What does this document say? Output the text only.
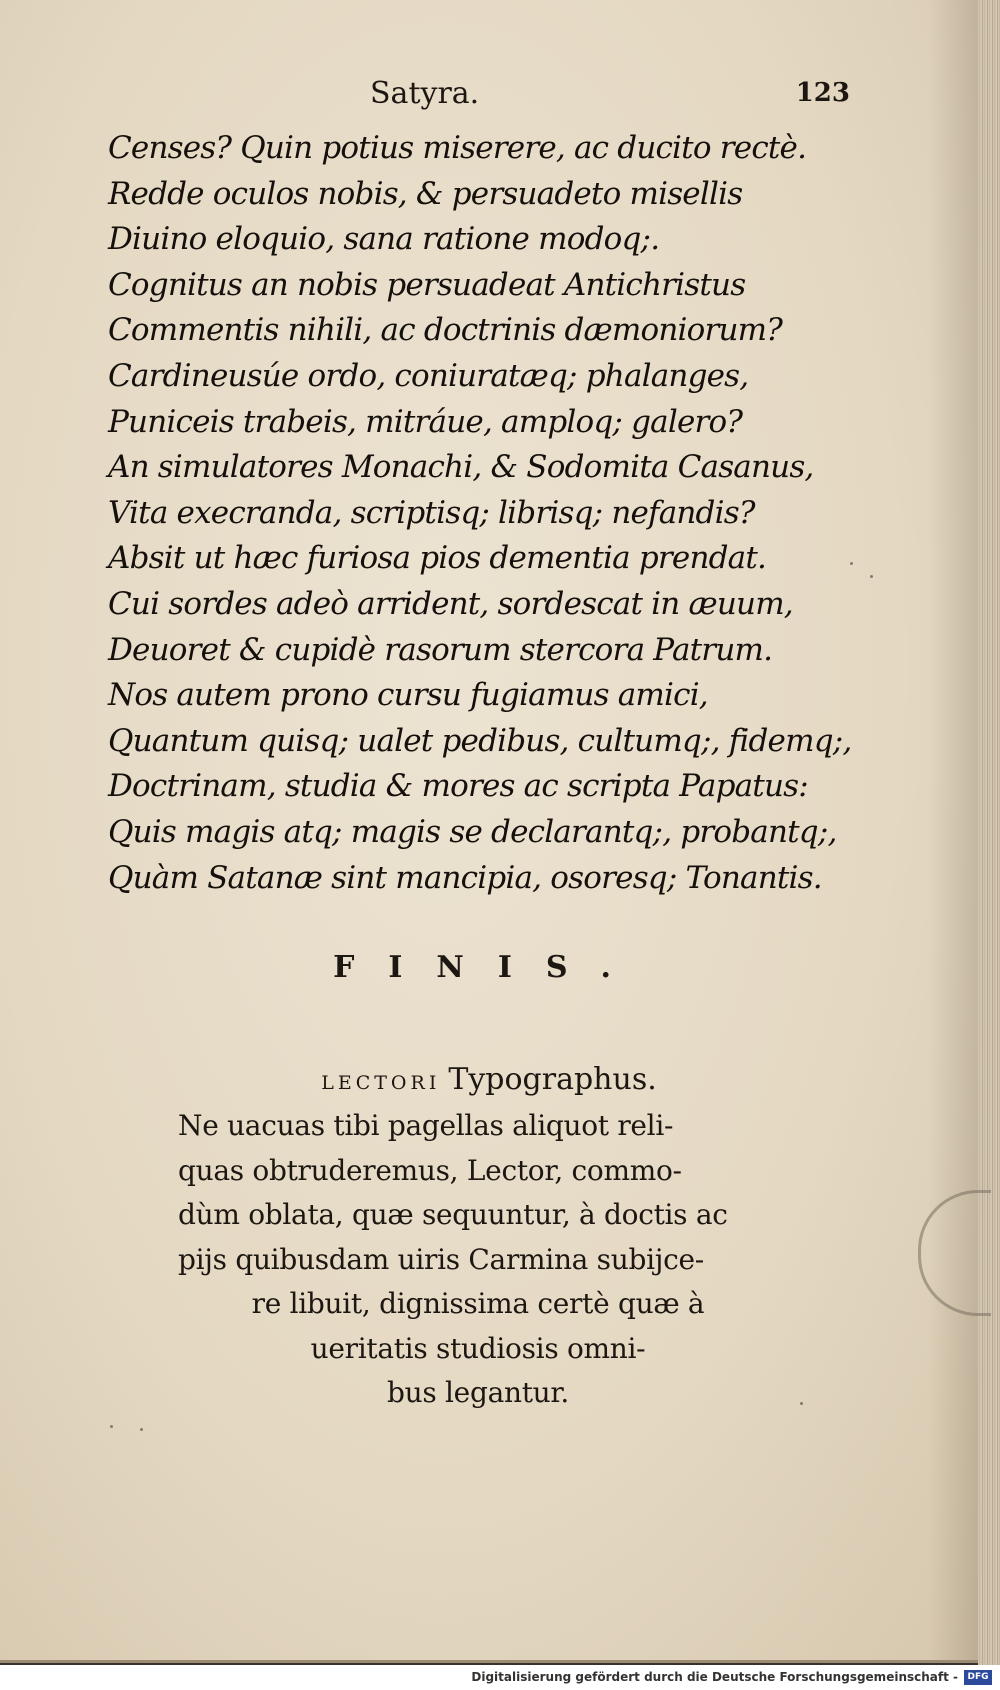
Satyra.	123
Censes? Quin potius miserere, ac ducito rectè.
Redde oculos nobis, & persuadeto misellis
Diuino eloquio, sana ratione modoq;.
Cognitus an nobis persuadeat Antichristus
Commentis nihili, ac doctrinis dæmoniorum?
Cardineusúe ordo, coniuratæq; phalanges,
Puniceis trabeis, mitráue, amploq; galero?
An simulatores Monachi, & Sodomita Casanus,
Vita execranda, scriptisq; librisq; nefandis?
Absit ut hæc furiosa pios dementia prendat.
Cui sordes adeò arrident, sordescat in æuum,
Deuoret & cupidè rasorum stercora Patrum.
Nos autem prono cursu fugiamus amici,
Quantum quisq; ualet pedibus, cultumq;, fidemq;,
Doctrinam, studia & mores ac scripta Papatus:
Quis magis atq; magis se declarantq;, probantq;,
Quàm Satanæ sint mancipia, osoresq; Tonantis.
FINIS.
LECTORI Typographus.
Ne uacuas tibi pagellas aliquot reli-
quas obtruderemus, Lector, commo-
dùm oblata, quæ sequuntur, à doctis ac
pijs quibusdam uiris Carmina subijce-
re libuit, dignissima certè quæ à
ueritatis studiosis omni-
bus legantur.
Digitalisierung gefördert durch die Deutsche Forschungsgemeinschaft -	DFG
